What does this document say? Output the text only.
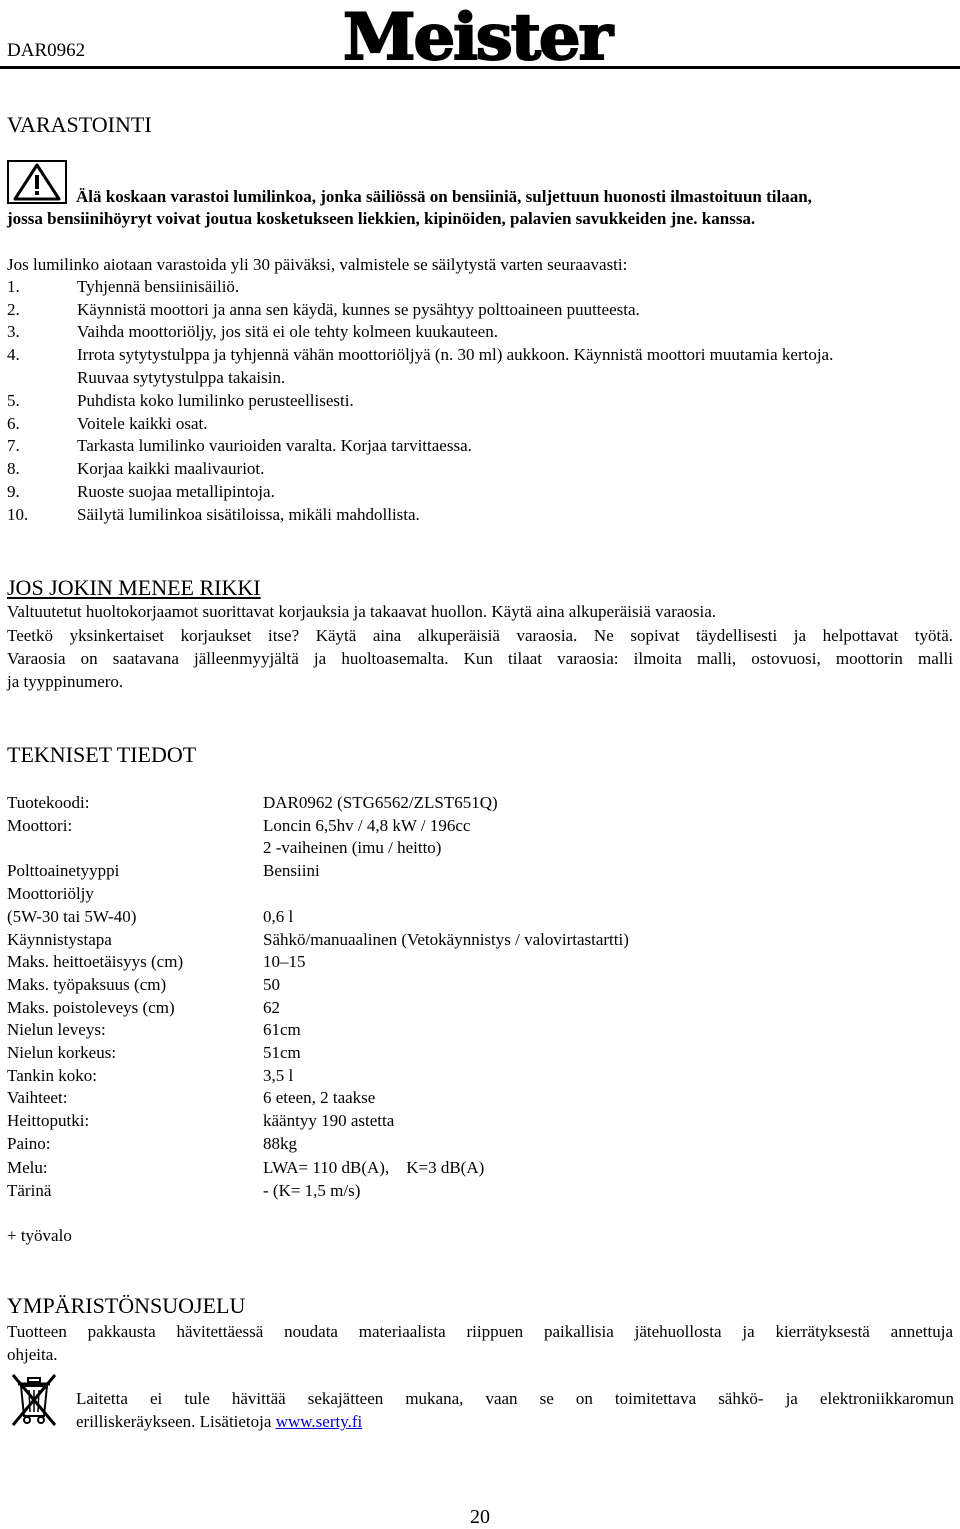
DAR0962	Meister
VARASTOINTI
Älä koskaan varastoi lumilinkoa, jonka säiliössä on bensiiniä, suljettuun huonosti ilmastoituun tilaan,
jossa bensiinihöyryt voivat joutua kosketukseen liekkien, kipinöiden, palavien savukkeiden jne. kanssa.
Jos lumilinko aiotaan varastoida yli 30 päiväksi, valmistele se säilytystä varten seuraavasti:
1.	Tyhjennä bensiinisäiliö.
2.	Käynnistä moottori ja anna sen käydä, kunnes se pysähtyy polttoaineen puutteesta.
3.	Vaihda moottoriöljy, jos sitä ei ole tehty kolmeen kuukauteen.
4.	Irrota sytytystulppa ja tyhjennä vähän moottoriöljyä (n. 30 ml) aukkoon. Käynnistä moottori muutamia kertoja.
Ruuvaa sytytystulppa takaisin.
5.	Puhdista koko lumilinko perusteellisesti.
6.	Voitele kaikki osat.
7.	Tarkasta lumilinko vaurioiden varalta. Korjaa tarvittaessa.
8.	Korjaa kaikki maalivauriot.
9.	Ruoste suojaa metallipintoja.
10.	Säilytä lumilinkoa sisätiloissa, mikäli mahdollista.
JOS JOKIN MENEE RIKKI
Valtuutetut huoltokorjaamot suorittavat korjauksia ja takaavat huollon. Käytä aina alkuperäisiä varaosia.
Teetkö yksinkertaiset korjaukset itse? Käytä aina alkuperäisiä varaosia. Ne sopivat täydellisesti ja helpottavat työtä.
Varaosia on saatavana jälleenmyyjältä ja huoltoasemalta. Kun tilaat varaosia: ilmoita malli, ostovuosi, moottorin malli
ja tyyppinumero.
TEKNISET TIEDOT
Tuotekoodi:	DAR0962 (STG6562/ZLST651Q)
Moottori:	Loncin 6,5hv / 4,8 kW / 196cc
2 -vaiheinen (imu / heitto)
Polttoainetyyppi	Bensiini
Moottoriöljy
(5W-30 tai 5W-40)	0,6 l
Käynnistystapa	Sähkö/manuaalinen (Vetokäynnistys / valovirtastartti)
Maks. heittoetäisyys (cm)	10–15
Maks. työpaksuus (cm)	50
Maks. poistoleveys (cm)	62
Nielun leveys:	61cm
Nielun korkeus:	51cm
Tankin koko:	3,5 l
Vaihteet:	6 eteen, 2 taakse
Heittoputki:	kääntyy 190 astetta
Paino:	88kg
Melu:	LWA= 110 dB(A),    K=3 dB(A)
Tärinä	- (K= 1,5 m/s)
+ työvalo
YMPÄRISTÖNSUOJELU
Tuotteen pakkausta hävitettäessä noudata materiaalista riippuen paikallisia jätehuollosta ja kierrätyksestä annettuja
ohjeita.
Laitetta ei tule hävittää sekajätteen mukana, vaan se on toimitettava sähkö- ja elektroniikkaromun
erilliskeräykseen. Lisätietoja www.serty.fi
20
